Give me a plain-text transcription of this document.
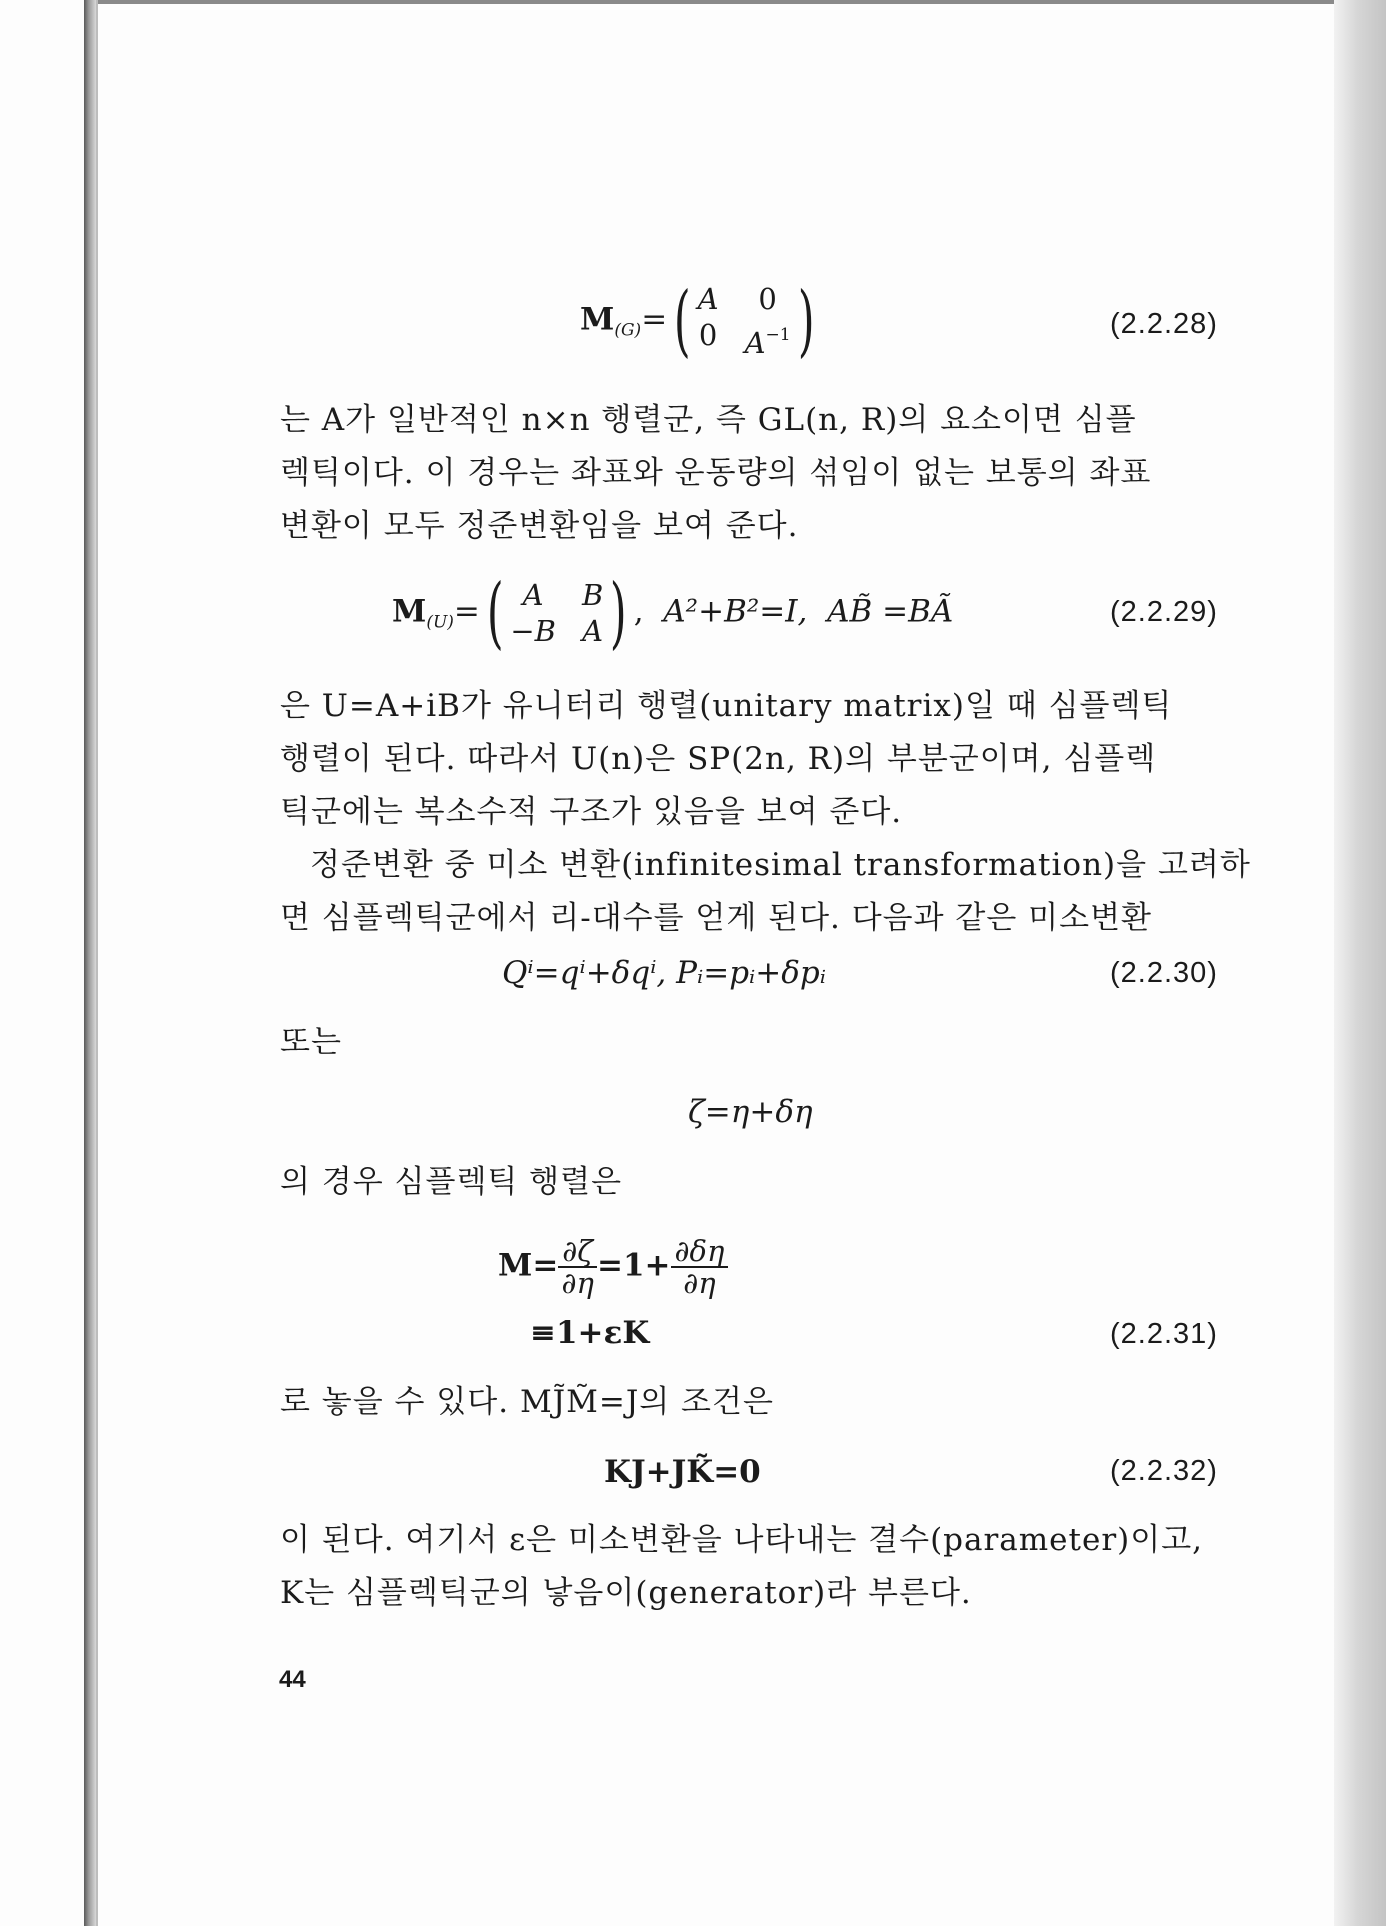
$M_{(G)}=$ ( A	0
0 $A^{-1}$ )	(2.2.28)
는 A가 일반적인 n×n 행렬군, 즉 GL(n, R)의 요소이면 심플
렉틱이다. 이 경우는 좌표와 운동량의 섞임이 없는 보통의 좌표
변환이 모두 정준변환임을 보여 준다.
$M_{(U)}=$ ( A	B
−B A ) ,  A²+B²=I, AB̃ =BÃ	(2.2.29)
은 U=A+iB가 유니터리 행렬(unitary matrix)일 때 심플렉틱
행렬이 된다. 따라서 U(n)은 SP(2n, R)의 부분군이며, 심플렉
틱군에는 복소수적 구조가 있음을 보여 준다.
정준변환 중 미소 변환(infinitesimal transformation)을 고려하
면 심플렉틱군에서 리-대수를 얻게 된다. 다음과 같은 미소변환
Qⁱ=qⁱ+δqⁱ, Pᵢ=pᵢ+δpᵢ	(2.2.30)
또는
ζ=η+δη
의 경우 심플렉틱 행렬은
$M= \frac{\partial\zeta}{\partial\eta} =1+ \frac{\partial\delta\eta}{\partial\eta}$
≡1+εK	(2.2.31)
로 놓을 수 있다. MJ̃M̃=J의 조건은
KJ+JK̃=0	(2.2.32)
이 된다. 여기서 ε은 미소변환을 나타내는 결수(parameter)이고,
K는 심플렉틱군의 낳음이(generator)라 부른다.
44
